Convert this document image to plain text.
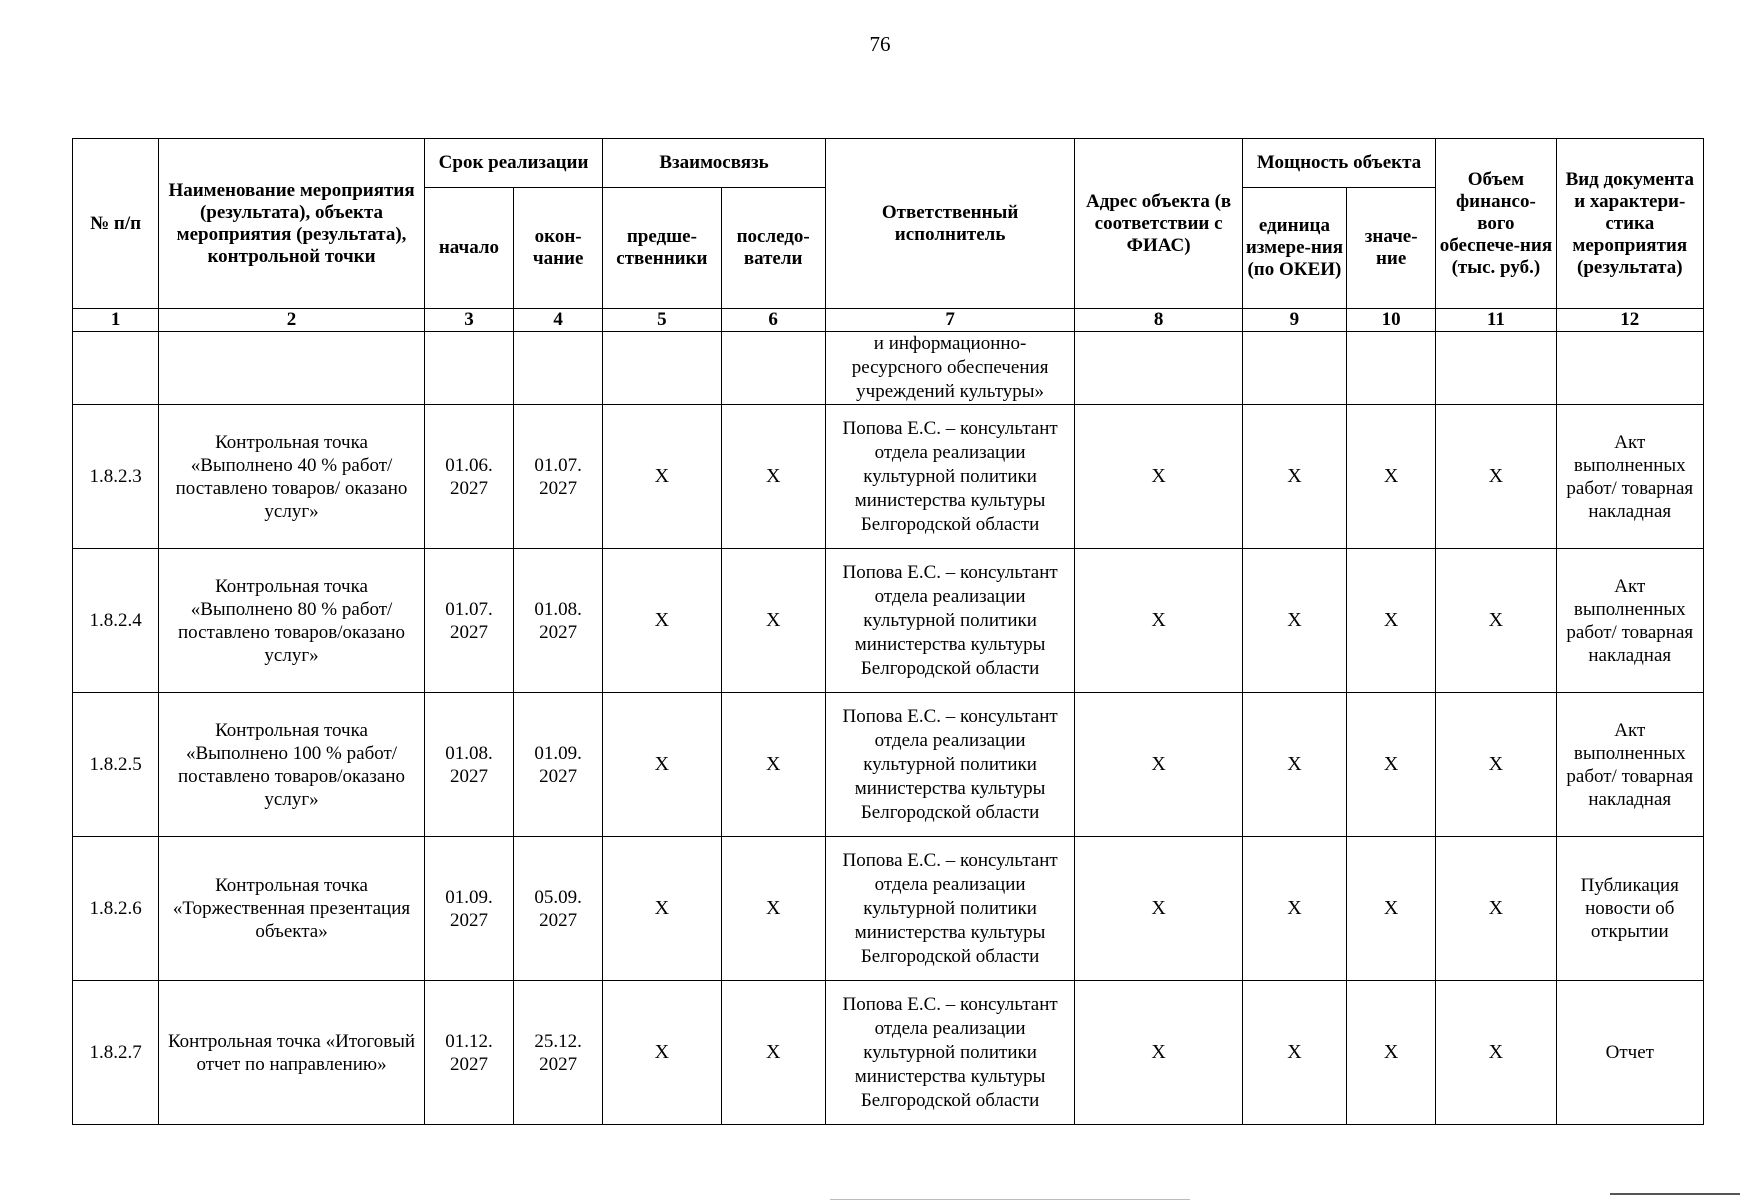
76
№ п/п	Наименование мероприятия (результата), объекта мероприятия (результата), контрольной точки	Срок реализации		Взаимосвязь		Ответственный исполнитель	Адрес объекта (в соответствии с ФИАС)	Мощность объекта		Объем финансо-вого обеспече-ния (тыс. руб.)	Вид документа и характери-стика мероприятия (результата)
		начало	окон-чание	предше-ственники	последо-ватели			единица измере-ния (по ОКЕИ)	значе-ние		
1	2	3	4	5	6	7	8	9	10	11	12
						и информационно-ресурсного обеспечения учреждений культуры»					
1.8.2.3	Контрольная точка «Выполнено 40 % работ/ поставлено товаров/ оказано услуг»	01.06. 2027	01.07. 2027	Х	Х	Попова Е.С. – консультант отдела реализации культурной политики министерства культуры Белгородской области	Х	Х	Х	Х	Акт выполненных работ/ товарная накладная
1.8.2.4	Контрольная точка «Выполнено 80 % работ/поставлено товаров/оказано услуг»	01.07. 2027	01.08. 2027	Х	Х	Попова Е.С. – консультант отдела реализации культурной политики министерства культуры Белгородской области	Х	Х	Х	Х	Акт выполненных работ/ товарная накладная
1.8.2.5	Контрольная точка «Выполнено 100 % работ/поставлено товаров/оказано услуг»	01.08. 2027	01.09. 2027	Х	Х	Попова Е.С. – консультант отдела реализации культурной политики министерства культуры Белгородской области	Х	Х	Х	Х	Акт выполненных работ/ товарная накладная
1.8.2.6	Контрольная точка «Торжественная презентация объекта»	01.09. 2027	05.09. 2027	Х	Х	Попова Е.С. – консультант отдела реализации культурной политики министерства культуры Белгородской области	Х	Х	Х	Х	Публикация новости об открытии
1.8.2.7	Контрольная точка «Итоговый отчет по направлению»	01.12. 2027	25.12. 2027	Х	Х	Попова Е.С. – консультант отдела реализации культурной политики министерства культуры Белгородской области	Х	Х	Х	Х	Отчет
